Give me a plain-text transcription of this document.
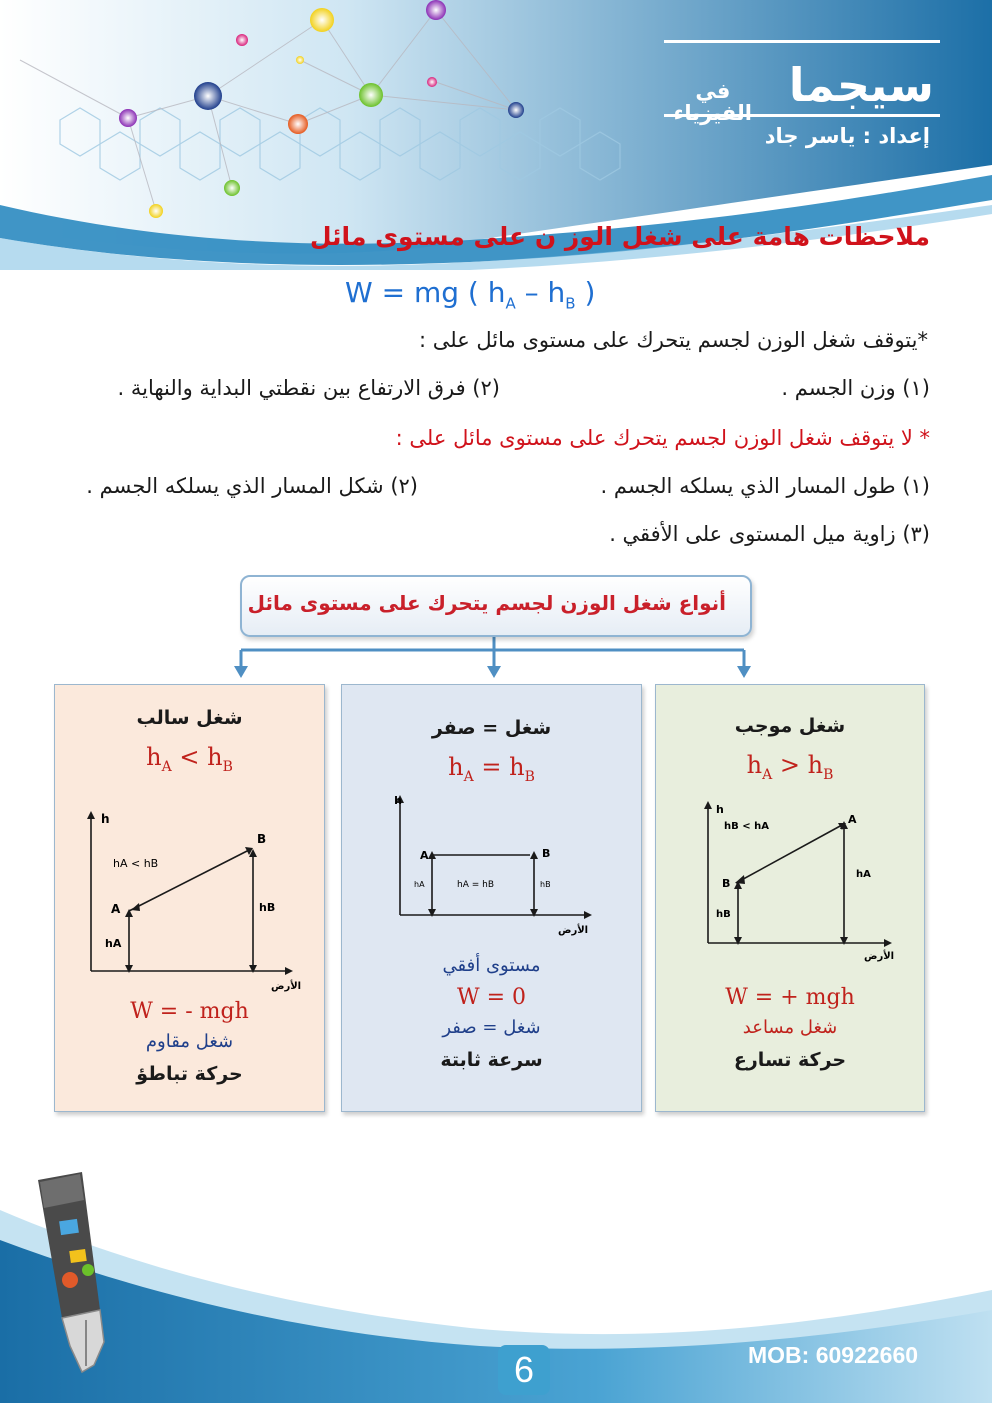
سيجما
في
الفيزياء
إعداد : ياسر جاد
ملاحظات هامة على شغل الوز ن على مستوى مائل
W = mg ( $h_A - h_B$ )
*يتوقف شغل الوزن لجسم يتحرك على مستوى مائل على :
(١) وزن الجسم .
(٢) فرق الارتفاع بين نقطتي البداية والنهاية .
* لا يتوقف شغل الوزن لجسم يتحرك على مستوى مائل على :
(١) طول المسار الذي يسلكه الجسم .
(٢) شكل المسار الذي يسلكه الجسم .
(٣) زاوية ميل المستوى على الأفقي .
أنواع شغل الوزن لجسم يتحرك على مستوى مائل
شغل سالب
$h_A < h_B$
h
الأرض
hA < hB
A
B
hA
hB
W = - mgh
شغل مقاوم
حركة تباطؤ
شغل = صفر
$h_A = h_B$
h
الأرض
hA = hB
A	B
hA	hB
مستوى أفقي
W = 0
شغل = صفر
سرعة ثابتة
شغل موجب
$h_A > h_B$
h
الأرض
hB < hA
B
A
hB
hA
W = + mgh
شغل مساعد
حركة تسارع
MOB: 60922660
6
